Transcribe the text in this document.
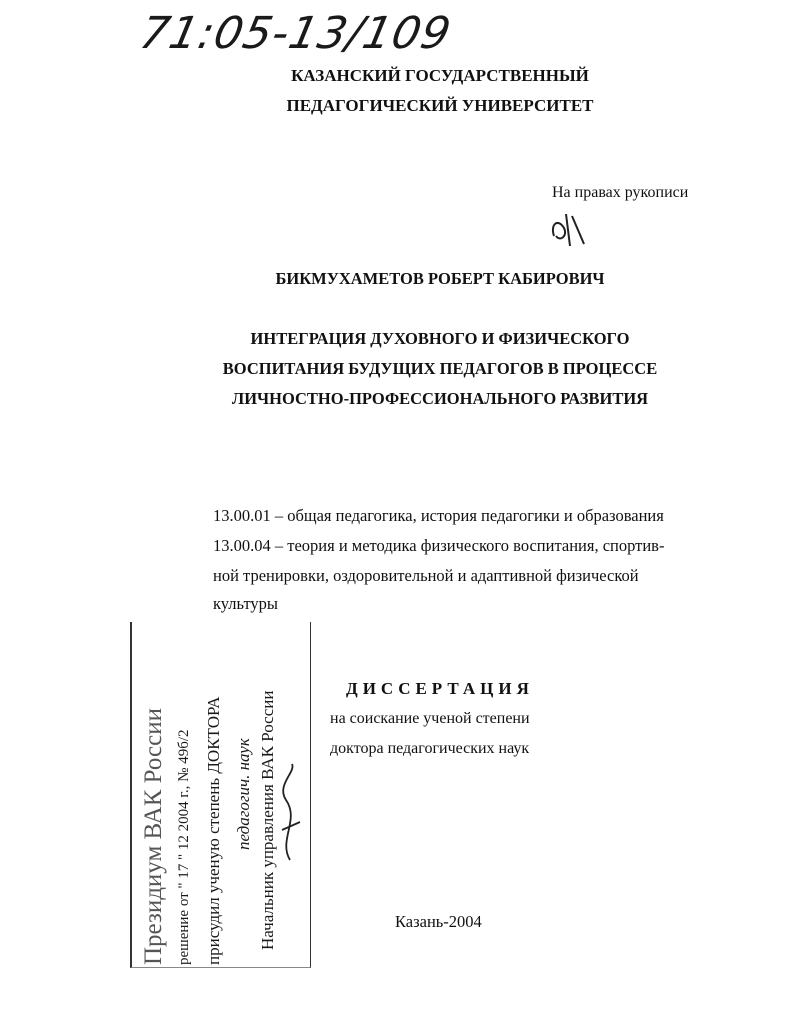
71:05-13/109
КАЗАНСКИЙ ГОСУДАРСТВЕННЫЙ
ПЕДАГОГИЧЕСКИЙ УНИВЕРСИТЕТ
На правах рукописи
БИКМУХАМЕТОВ РОБЕРТ КАБИРОВИЧ
ИНТЕГРАЦИЯ ДУХОВНОГО И ФИЗИЧЕСКОГО
ВОСПИТАНИЯ БУДУЩИХ ПЕДАГОГОВ В ПРОЦЕССЕ
ЛИЧНОСТНО-ПРОФЕССИОНАЛЬНОГО РАЗВИТИЯ
13.00.01 – общая педагогика, история педагогики и образования
13.00.04 – теория и методика физического воспитания, спортив-
ной тренировки, оздоровительной и адаптивной физической
культуры
ДИССЕРТАЦИЯ
на соискание ученой степени
доктора педагогических наук
Казань-2004
Президиум ВАК России решение от " 17 " 12 2004 г., № 49б/2 присудил ученую степень ДОКТОРА педагогич. наук Начальник управления ВАК России
